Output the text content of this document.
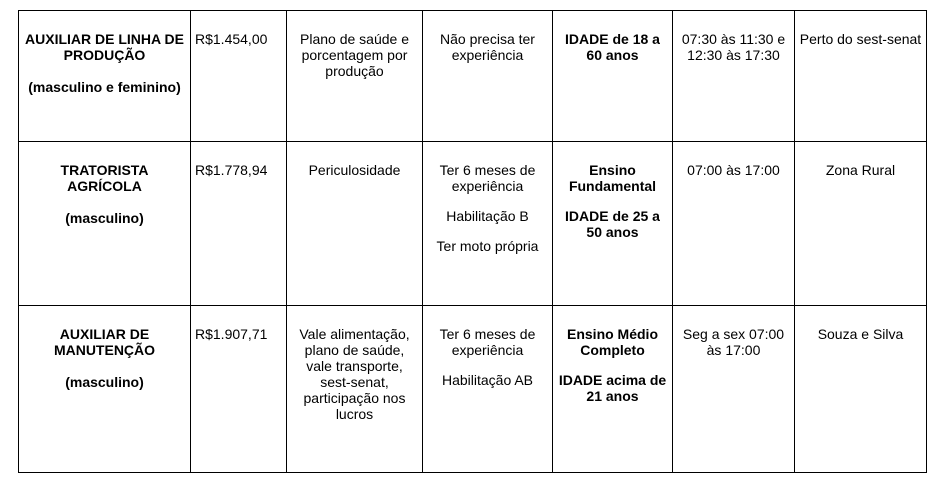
AUXILIAR DE LINHA DE PRODUÇÃO
(masculino e feminino)	R$1.454,00	Plano de saúde e porcentagem por produção	Não precisa ter experiência	IDADE de 18 a 60 anos	07:30 às 11:30 e 12:30 às 17:30	Perto do sest-senat

TRATORISTA AGRÍCOLA
(masculino)	R$1.778,94	Periculosidade	Ter 6 meses de experiência
Habilitação B
Ter moto própria	Ensino Fundamental
IDADE de 25 a 50 anos	07:00 às 17:00	Zona Rural

AUXILIAR DE MANUTENÇÃO
(masculino)	R$1.907,71	Vale alimentação, plano de saúde, vale transporte, sest-senat, participação nos lucros	Ter 6 meses de experiência
Habilitação AB	Ensino Médio Completo
IDADE acima de 21 anos	Seg a sex 07:00 às 17:00	Souza e Silva
